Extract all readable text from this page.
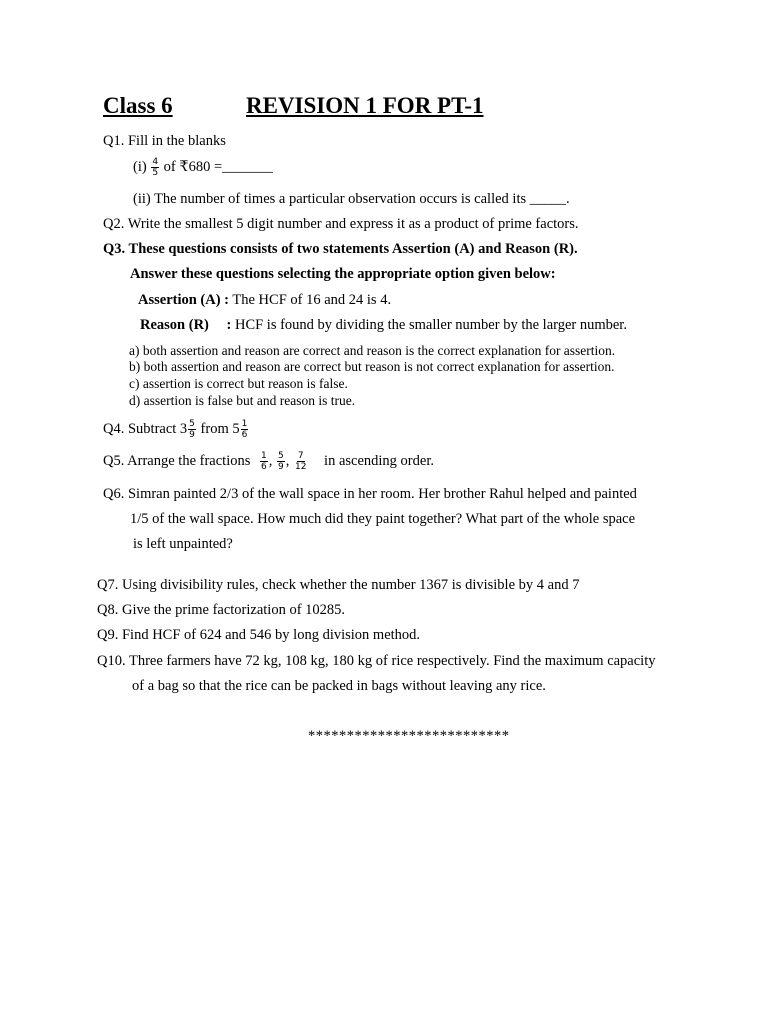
Class 6	REVISION 1 FOR PT-1
Q1. Fill in the blanks
$(i) \frac{4}{5}$ of ₹680 =_______
(ii) The number of times a particular observation occurs is called its _____.
Q2. Write the smallest 5 digit number and express it as a product of prime factors.
Q3. These questions consists of two statements Assertion (A) and Reason (R).
Answer these questions selecting the appropriate option given below:
Assertion (A) : The HCF of 16 and 24 is 4.
Reason (R) : HCF is found by dividing the smaller number by the larger number.
a) both assertion and reason are correct and reason is the correct explanation for assertion.
b) both assertion and reason are correct but reason is not correct explanation for assertion.
c) assertion is correct but reason is false.
d) assertion is false but and reason is true.
Q4. Subtract $3 \frac{5}{9}$ from $5 \frac{1}{6}$
Q5. Arrange the fractions $\frac{1}{6}$ , $\frac{5}{9}$ , $\frac{7}{12}$ in ascending order.
Q6. Simran painted 2/3 of the wall space in her room. Her brother Rahul helped and painted
1/5 of the wall space. How much did they paint together? What part of the whole space
is left unpainted?
Q7. Using divisibility rules, check whether the number 1367 is divisible by 4 and 7
Q8. Give the prime factorization of 10285.
Q9. Find HCF of 624 and 546 by long division method.
Q10. Three farmers have 72 kg, 108 kg, 180 kg of rice respectively. Find the maximum capacity
of a bag so that the rice can be packed in bags without leaving any rice.
**************************
